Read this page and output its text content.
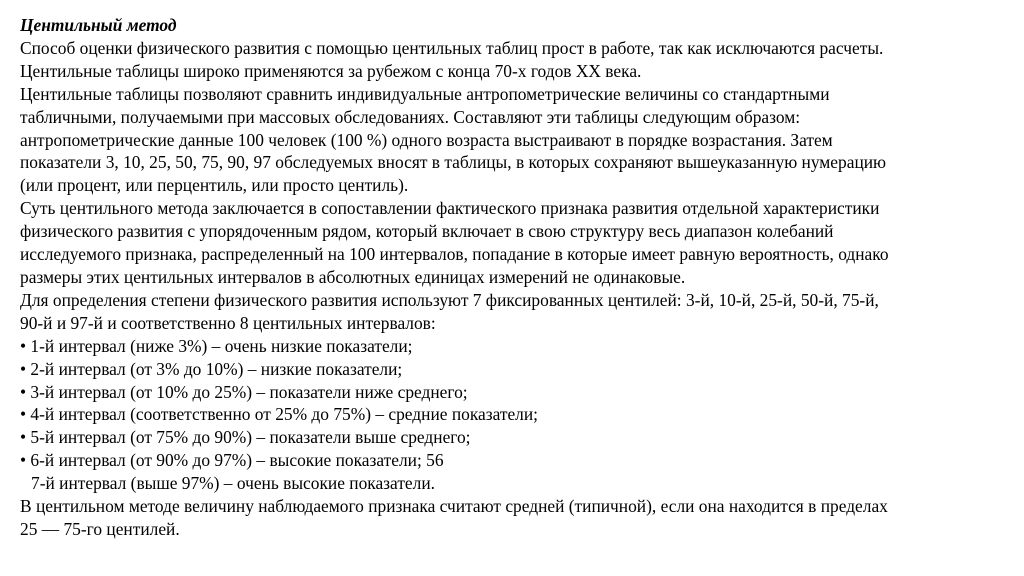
Центильный метод
Способ оценки физического развития с помощью центильных таблиц прост в работе, так как исключаются расчеты.
Центильные таблицы широко применяются за рубежом с конца 70-х годов XX века.
Центильные таблицы позволяют сравнить индивидуальные антропометрические величины со стандартными
табличными, получаемыми при массовых обследованиях. Составляют эти таблицы следующим образом:
антропометрические данные 100 человек (100 %) одного возраста выстраивают в порядке возрастания. Затем
показатели 3, 10, 25, 50, 75, 90, 97 обследуемых вносят в таблицы, в которых сохраняют вышеуказанную нумерацию
(или процент, или перцентиль, или просто центиль).
Суть центильного метода заключается в сопоставлении фактического признака развития отдельной характеристики
физического развития с упорядоченным рядом, который включает в свою структуру весь диапазон колебаний
исследуемого признака, распределенный на 100 интервалов, попадание в которые имеет равную вероятность, однако
размеры этих центильных интервалов в абсолютных единицах измерений не одинаковые.
Для определения степени физического развития используют 7 фиксированных центилей: 3-й, 10-й, 25-й, 50-й, 75-й,
90-й и 97-й и соответственно 8 центильных интервалов:
• 1-й интервал (ниже 3%) – очень низкие показатели;
• 2-й интервал (от 3% до 10%) – низкие показатели;
• 3-й интервал (от 10% до 25%) – показатели ниже среднего;
• 4-й интервал (соответственно от 25% до 75%) – средние показатели;
• 5-й интервал (от 75% до 90%) – показатели выше среднего;
• 6-й интервал (от 90% до 97%) – высокие показатели; 56
7-й интервал (выше 97%) – очень высокие показатели.
В центильном методе величину наблюдаемого признака считают средней (типичной), если она находится в пределах
25 — 75-го центилей.
